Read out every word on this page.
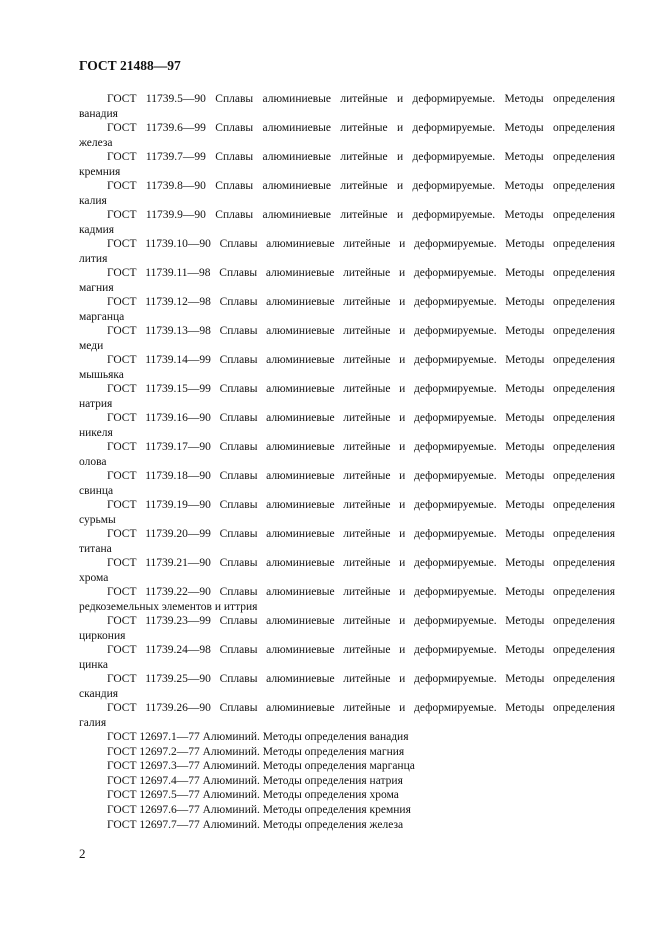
ГОСТ 21488—97
ГОСТ 11739.5—90 Сплавы алюминиевые литейные и деформируемые. Методы определения
ванадия
ГОСТ 11739.6—99 Сплавы алюминиевые литейные и деформируемые. Методы определения
железа
ГОСТ 11739.7—99 Сплавы алюминиевые литейные и деформируемые. Методы определения
кремния
ГОСТ 11739.8—90 Сплавы алюминиевые литейные и деформируемые. Методы определения
калия
ГОСТ 11739.9—90 Сплавы алюминиевые литейные и деформируемые. Методы определения
кадмия
ГОСТ 11739.10—90 Сплавы алюминиевые литейные и деформируемые. Методы определения
лития
ГОСТ 11739.11—98 Сплавы алюминиевые литейные и деформируемые. Методы определения
магния
ГОСТ 11739.12—98 Сплавы алюминиевые литейные и деформируемые. Методы определения
марганца
ГОСТ 11739.13—98 Сплавы алюминиевые литейные и деформируемые. Методы определения
меди
ГОСТ 11739.14—99 Сплавы алюминиевые литейные и деформируемые. Методы определения
мышьяка
ГОСТ 11739.15—99 Сплавы алюминиевые литейные и деформируемые. Методы определения
натрия
ГОСТ 11739.16—90 Сплавы алюминиевые литейные и деформируемые. Методы определения
никеля
ГОСТ 11739.17—90 Сплавы алюминиевые литейные и деформируемые. Методы определения
олова
ГОСТ 11739.18—90 Сплавы алюминиевые литейные и деформируемые. Методы определения
свинца
ГОСТ 11739.19—90 Сплавы алюминиевые литейные и деформируемые. Методы определения
сурьмы
ГОСТ 11739.20—99 Сплавы алюминиевые литейные и деформируемые. Методы определения
титана
ГОСТ 11739.21—90 Сплавы алюминиевые литейные и деформируемые. Методы определения
хрома
ГОСТ 11739.22—90 Сплавы алюминиевые литейные и деформируемые. Методы определения
редкоземельных элементов и иттрия
ГОСТ 11739.23—99 Сплавы алюминиевые литейные и деформируемые. Методы определения
циркония
ГОСТ 11739.24—98 Сплавы алюминиевые литейные и деформируемые. Методы определения
цинка
ГОСТ 11739.25—90 Сплавы алюминиевые литейные и деформируемые. Методы определения
скандия
ГОСТ 11739.26—90 Сплавы алюминиевые литейные и деформируемые. Методы определения
галия
ГОСТ 12697.1—77 Алюминий. Методы определения ванадия
ГОСТ 12697.2—77 Алюминий. Методы определения магния
ГОСТ 12697.3—77 Алюминий. Методы определения марганца
ГОСТ 12697.4—77 Алюминий. Методы определения натрия
ГОСТ 12697.5—77 Алюминий. Методы определения хрома
ГОСТ 12697.6—77 Алюминий. Методы определения кремния
ГОСТ 12697.7—77 Алюминий. Методы определения железа
2
